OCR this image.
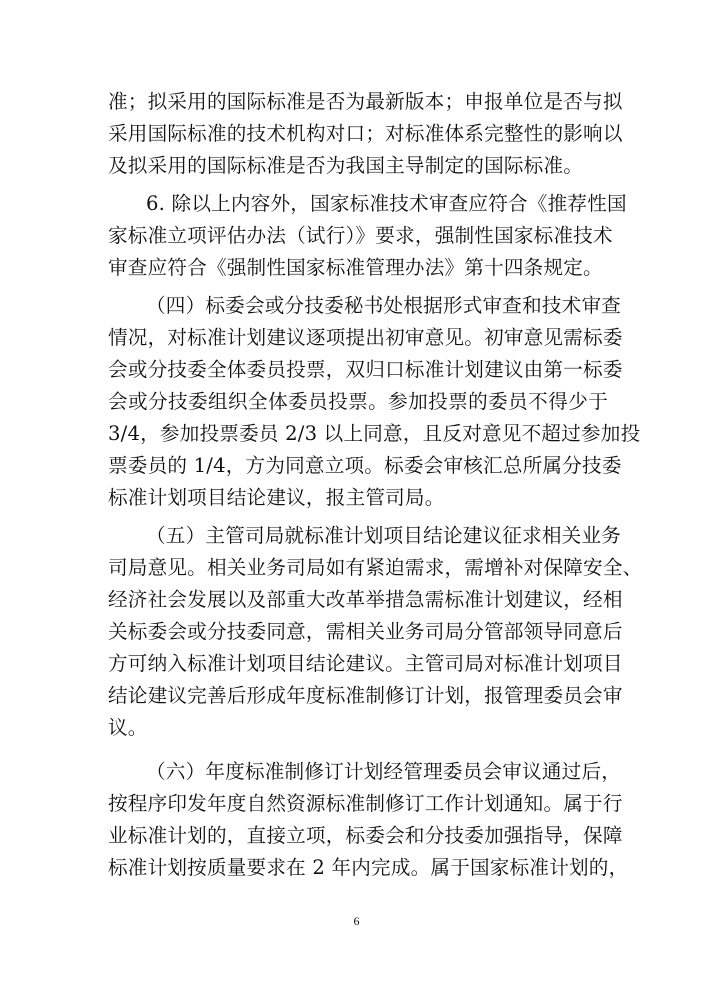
准；拟采用的国际标准是否为最新版本；申报单位是否与拟
采用国际标准的技术机构对口；对标准体系完整性的影响以
及拟采用的国际标准是否为我国主导制定的国际标准。
6. 除以上内容外，国家标准技术审查应符合《推荐性国
家标准立项评估办法（试行）》要求，强制性国家标准技术
审查应符合《强制性国家标准管理办法》第十四条规定。
（四）标委会或分技委秘书处根据形式审查和技术审查
情况，对标准计划建议逐项提出初审意见。初审意见需标委
会或分技委全体委员投票，双归口标准计划建议由第一标委
会或分技委组织全体委员投票。参加投票的委员不得少于
3/4，参加投票委员 2/3 以上同意，且反对意见不超过参加投
票委员的 1/4，方为同意立项。标委会审核汇总所属分技委
标准计划项目结论建议，报主管司局。
（五）主管司局就标准计划项目结论建议征求相关业务
司局意见。相关业务司局如有紧迫需求，需增补对保障安全、
经济社会发展以及部重大改革举措急需标准计划建议，经相
关标委会或分技委同意，需相关业务司局分管部领导同意后
方可纳入标准计划项目结论建议。主管司局对标准计划项目
结论建议完善后形成年度标准制修订计划，报管理委员会审
议。
（六）年度标准制修订计划经管理委员会审议通过后，
按程序印发年度自然资源标准制修订工作计划通知。属于行
业标准计划的，直接立项，标委会和分技委加强指导，保障
标准计划按质量要求在 2 年内完成。属于国家标准计划的，
6
